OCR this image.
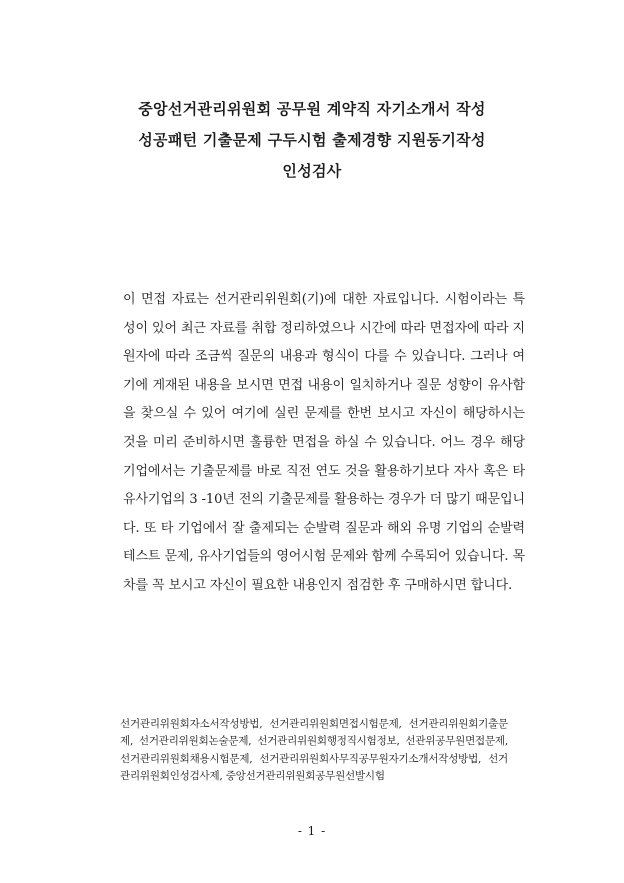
중앙선거관리위원회 공무원 계약직 자기소개서 작성
성공패턴 기출문제 구두시험 출제경향 지원동기작성
인성검사

이 면접 자료는 선거관리위원회(기)에 대한 자료입니다. 시험이라는 특성이 있어 최근 자료를 취합 정리하였으나 시간에 따라 면접자에 따라 지원자에 따라 조금씩 질문의 내용과 형식이 다를 수 있습니다. 그러나 여기에 게재된 내용을 보시면 면접 내용이 일치하거나 질문 성향이 유사함을 찾으실 수 있어 여기에 실린 문제를 한번 보시고 자신이 해당하시는 것을 미리 준비하시면 훌륭한 면접을 하실 수 있습니다. 어느 경우 해당 기업에서는 기출문제를 바로 직전 연도 것을 활용하기보다 자사 혹은 타 유사기업의 3 -10년 전의 기출문제를 활용하는 경우가 더 많기 때문입니다. 또 타 기업에서 잘 출제되는 순발력 질문과 해외 유명 기업의 순발력테스트 문제, 유사기업들의 영어시험 문제와 함께 수록되어 있습니다. 목차를 꼭 보시고 자신이 필요한 내용인지 점검한 후 구매하시면 합니다.

선거관리위원회자소서작성방법, 선거관리위원회면접시험문제, 선거관리위원회기출문제, 선거관리위원회논술문제, 선거관리위원회행정직시험정보, 선관위공무원면접문제, 선거관리위원회채용시험문제, 선거관리위원회사무직공무원자기소개서작성방법, 선거관리위원회인성검사제, 중앙선거관리위원회공무원선발시험

- 1 -
